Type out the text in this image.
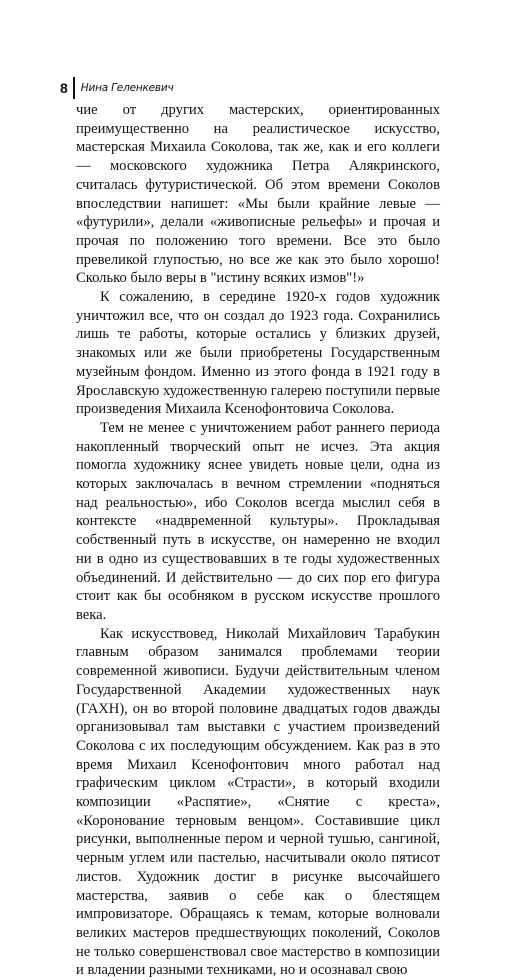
8 Нина Геленкевич

чие от других мастерских, ориентированных преимущественно на реалистическое искусство, мастерская Михаила Соколова, так же, как и его коллеги — московского художника Петра Алякринского, считалась футуристической. Об этом времени Соколов впоследствии напишет: «Мы были крайние левые — «футурили», делали «живописные рельефы» и прочая и прочая по положению того времени. Все это было превеликой глупостью, но все же как это было хорошо! Сколько было веры в "истину всяких измов"!»

К сожалению, в середине 1920-х годов художник уничтожил все, что он создал до 1923 года. Сохранились лишь те работы, которые остались у близких друзей, знакомых или же были приобретены Государственным музейным фондом. Именно из этого фонда в 1921 году в Ярославскую художественную галерею поступили первые произведения Михаила Ксенофонтовича Соколова.

Тем не менее с уничтожением работ раннего периода накопленный творческий опыт не исчез. Эта акция помогла художнику яснее увидеть новые цели, одна из которых заключалась в вечном стремлении «подняться над реальностью», ибо Соколов всегда мыслил себя в контексте «надвременной культуры». Прокладывая собственный путь в искусстве, он намеренно не входил ни в одно из существовавших в те годы художественных объединений. И действительно — до сих пор его фигура стоит как бы особняком в русском искусстве прошлого века.

Как искусствовед, Николай Михайлович Тарабукин главным образом занимался проблемами теории современной живописи. Будучи действительным членом Государственной Академии художественных наук (ГАХН), он во второй половине двадцатых годов дважды организовывал там выставки с участием произведений Соколова с их последующим обсуждением. Как раз в это время Михаил Ксенофонтович много работал над графическим циклом «Страсти», в который входили композиции «Распятие», «Снятие с креста», «Коронование терновым венцом». Составившие цикл рисунки, выполненные пером и черной тушью, сангиной, черным углем или пастелью, насчитывали около пятисот листов. Художник достиг в рисунке высочайшего мастерства, заявив о себе как о блестящем импровизаторе. Обращаясь к темам, которые волновали великих мастеров предшествующих поколений, Соколов не только совершенствовал свое мастерство в композиции и владении разными техниками, но и осознавал свою
